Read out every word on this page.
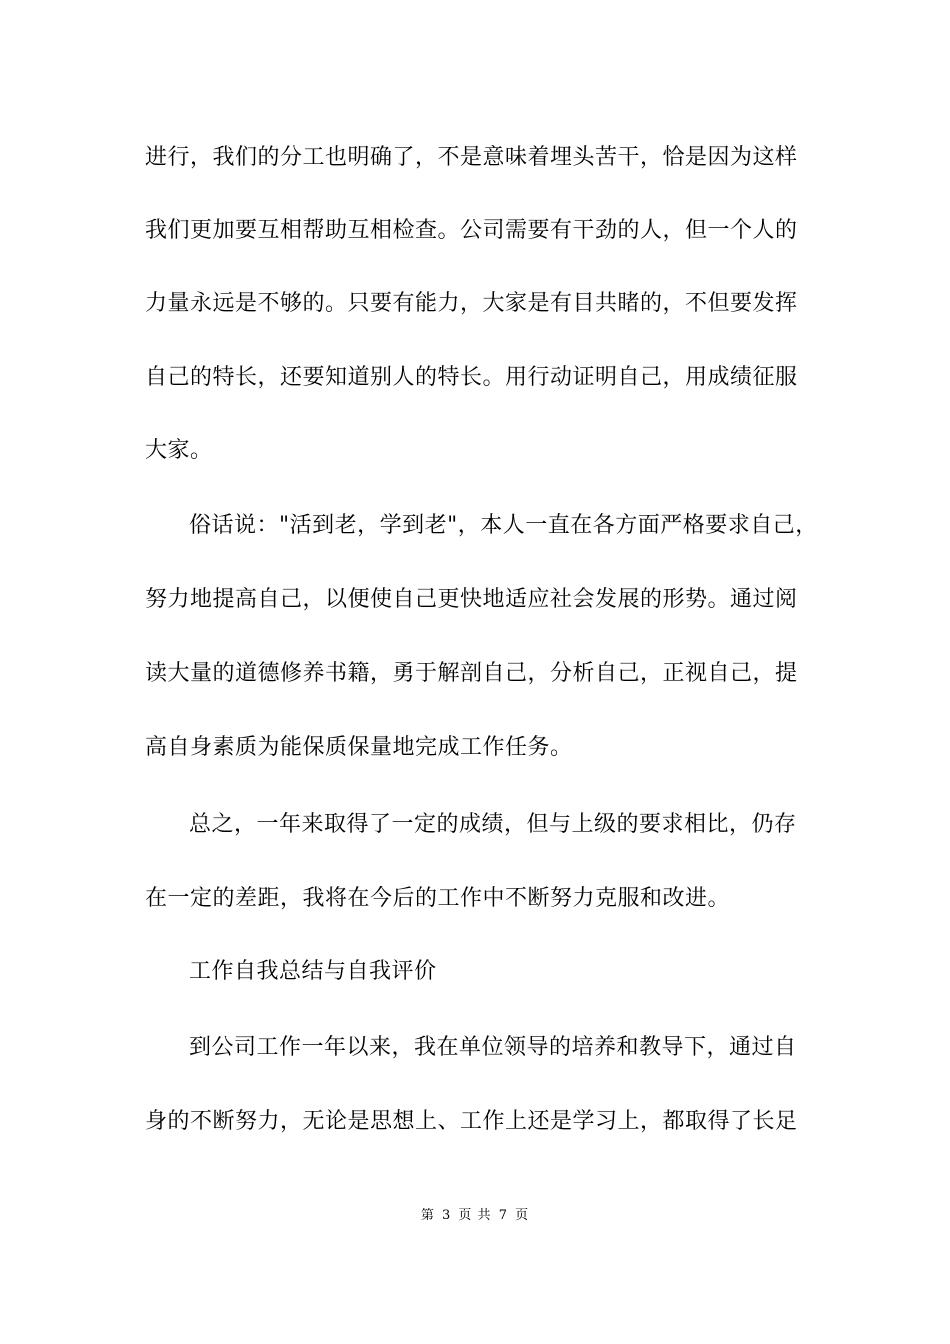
进行，我们的分工也明确了，不是意味着埋头苦干，恰是因为这样
我们更加要互相帮助互相检查。公司需要有干劲的人，但一个人的
力量永远是不够的。只要有能力，大家是有目共睹的，不但要发挥
自己的特长，还要知道别人的特长。用行动证明自己，用成绩征服
大家。
俗话说："活到老，学到老"，本人一直在各方面严格要求自己，
努力地提高自己，以便使自己更快地适应社会发展的形势。通过阅
读大量的道德修养书籍，勇于解剖自己，分析自己，正视自己，提
高自身素质为能保质保量地完成工作任务。
总之，一年来取得了一定的成绩，但与上级的要求相比，仍存
在一定的差距，我将在今后的工作中不断努力克服和改进。
工作自我总结与自我评价
到公司工作一年以来，我在单位领导的培养和教导下，通过自
身的不断努力，无论是思想上、工作上还是学习上，都取得了长足
第 3 页 共 7 页
